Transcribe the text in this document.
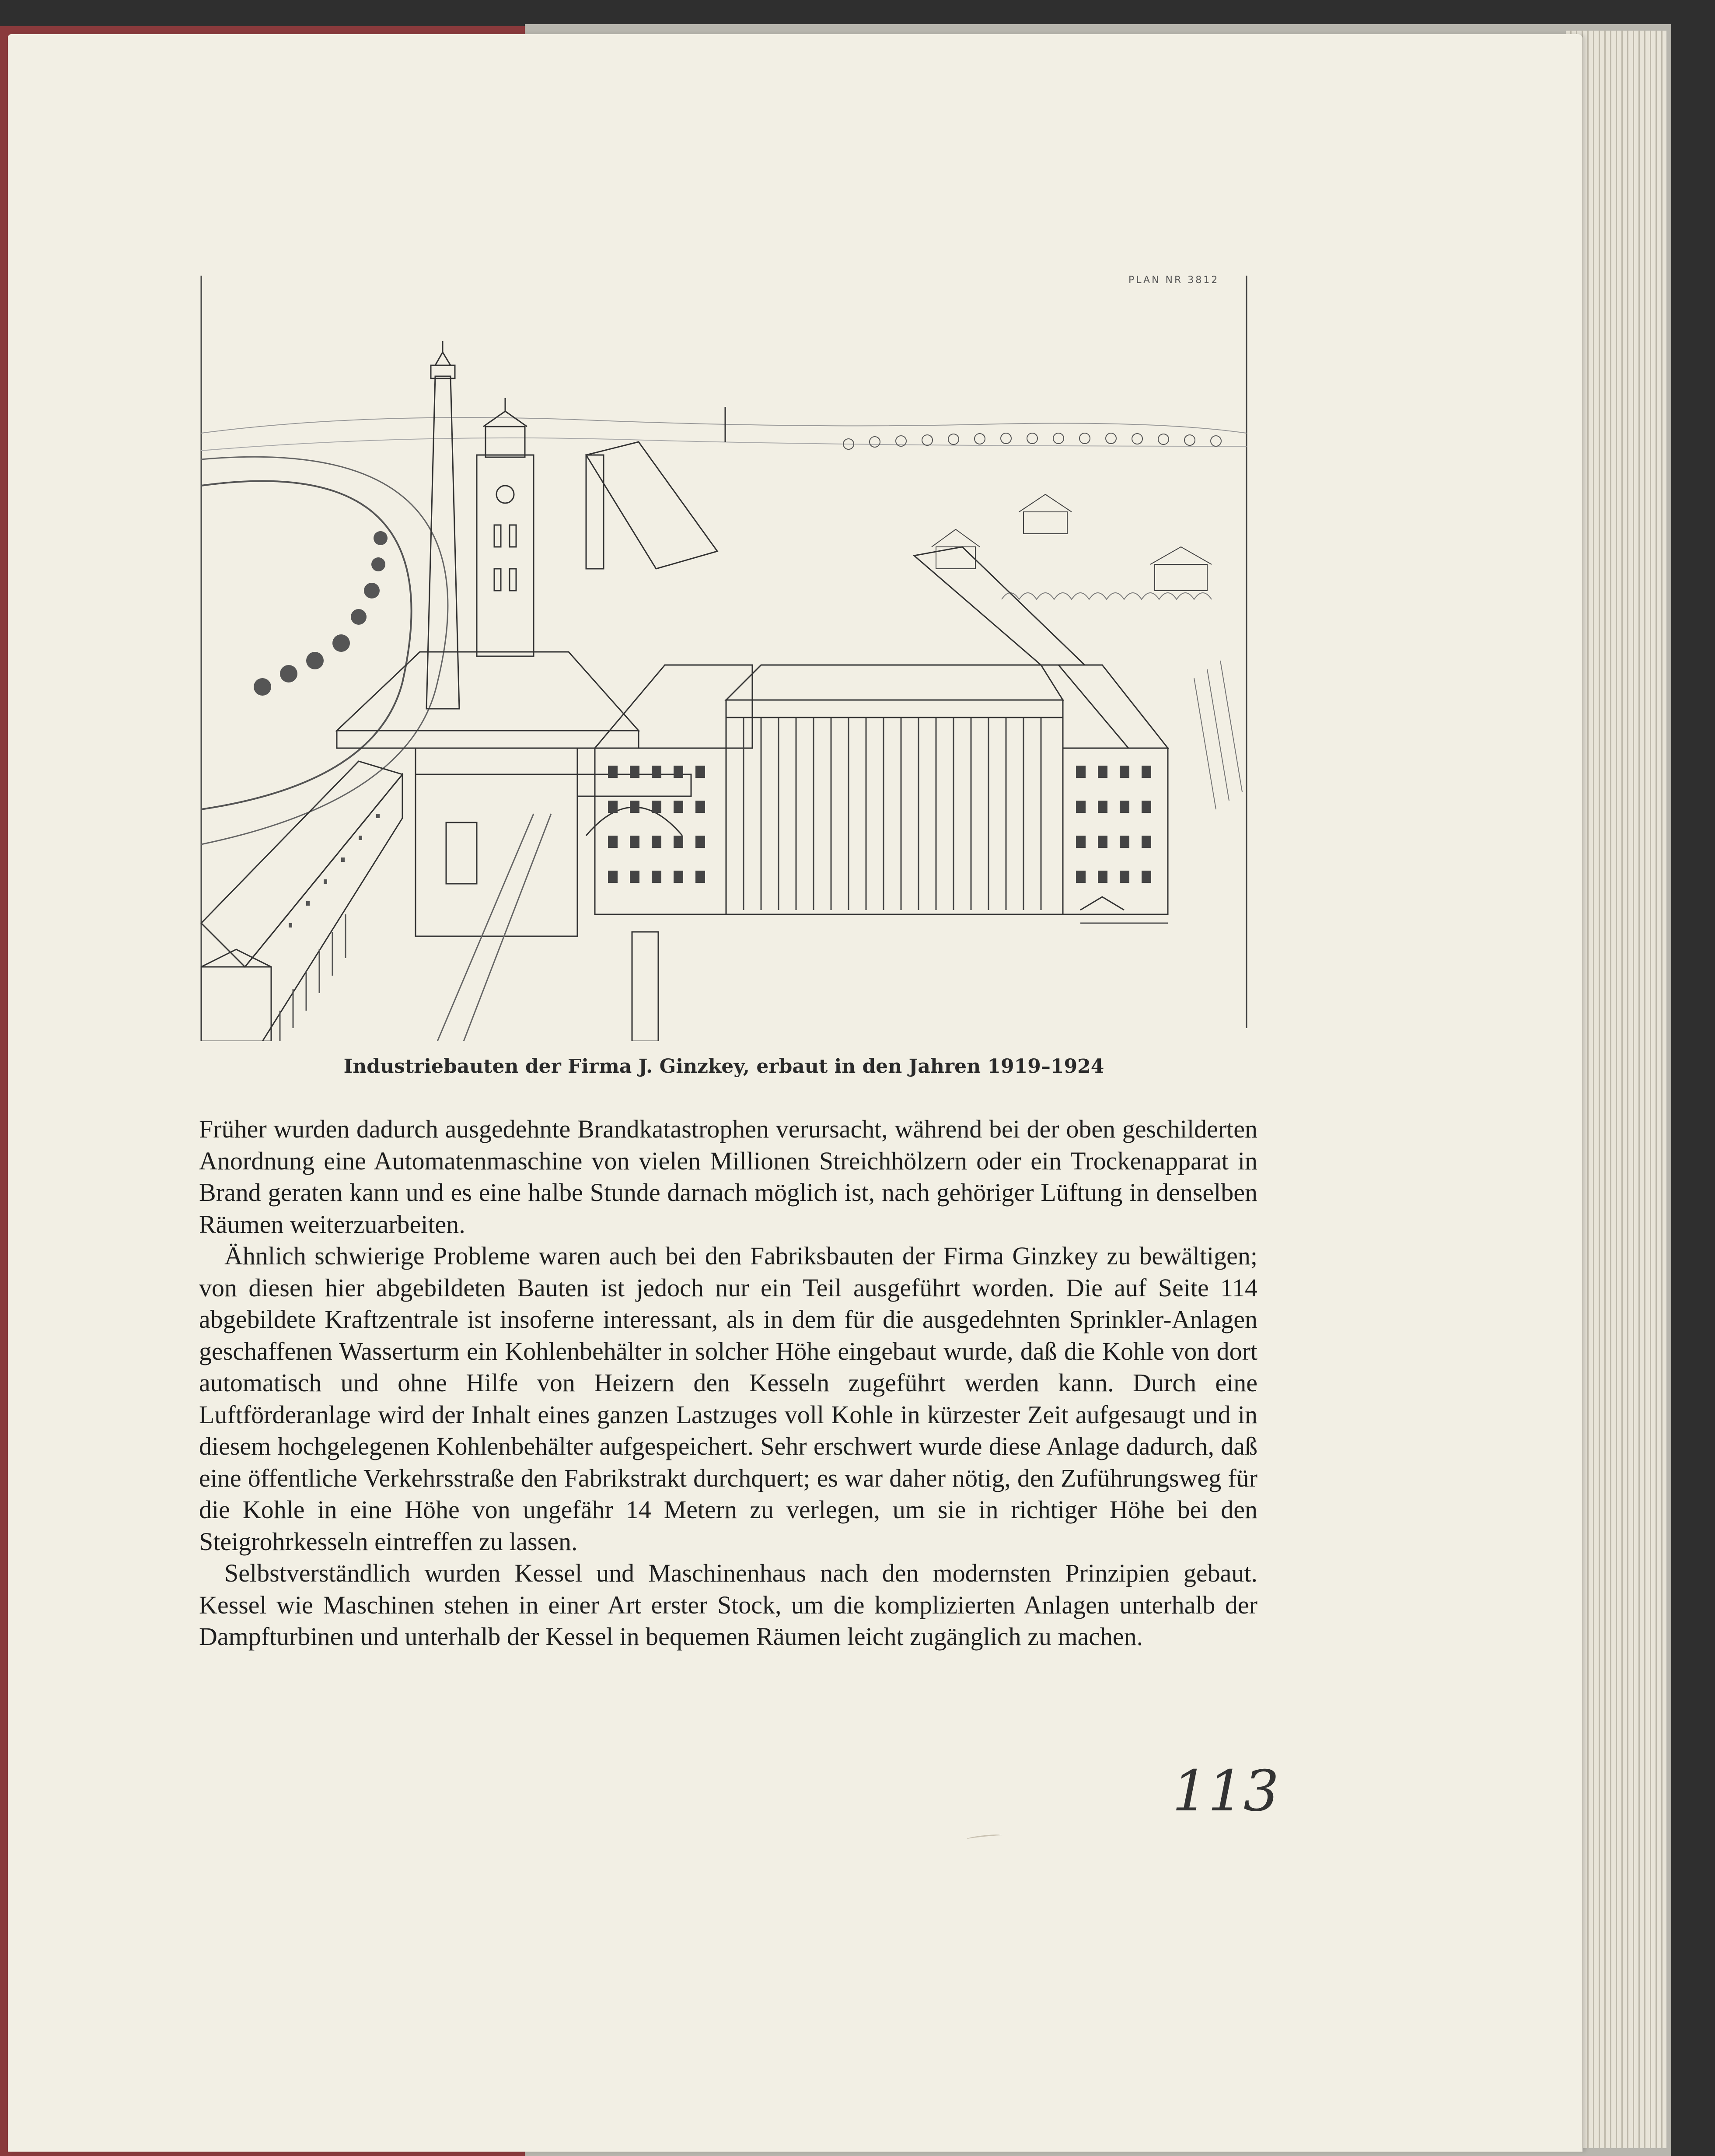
PLAN NR 3812
Industriebauten der Firma J. Ginzkey, erbaut in den Jahren 1919–1924

Früher wurden dadurch ausgedehnte Brandkatastrophen verursacht, während bei der oben geschilderten Anordnung eine Automatenmaschine von vielen Millionen Streichhölzern oder ein Trockenapparat in Brand geraten kann und es eine halbe Stunde darnach möglich ist, nach gehöriger Lüftung in denselben Räumen weiterzuarbeiten.

Ähnlich schwierige Probleme waren auch bei den Fabriksbauten der Firma Ginzkey zu bewältigen; von diesen hier abgebildeten Bauten ist jedoch nur ein Teil ausgeführt worden. Die auf Seite 114 abgebildete Kraftzentrale ist insoferne interessant, als in dem für die ausgedehnten Sprinkler-Anlagen geschaffenen Wasserturm ein Kohlenbehälter in solcher Höhe eingebaut wurde, daß die Kohle von dort automatisch und ohne Hilfe von Heizern den Kesseln zugeführt werden kann. Durch eine Luftförderanlage wird der Inhalt eines ganzen Lastzuges voll Kohle in kürzester Zeit aufgesaugt und in diesem hochgelegenen Kohlenbehälter aufgespeichert. Sehr erschwert wurde diese Anlage dadurch, daß eine öffentliche Verkehrsstraße den Fabrikstrakt durchquert; es war daher nötig, den Zuführungsweg für die Kohle in eine Höhe von ungefähr 14 Metern zu verlegen, um sie in richtiger Höhe bei den Steigrohrkesseln eintreffen zu lassen.

Selbstverständlich wurden Kessel und Maschinenhaus nach den modernsten Prinzipien gebaut. Kessel wie Maschinen stehen in einer Art erster Stock, um die komplizierten Anlagen unterhalb der Dampfturbinen und unterhalb der Kessel in bequemen Räumen leicht zugänglich zu machen.

113
